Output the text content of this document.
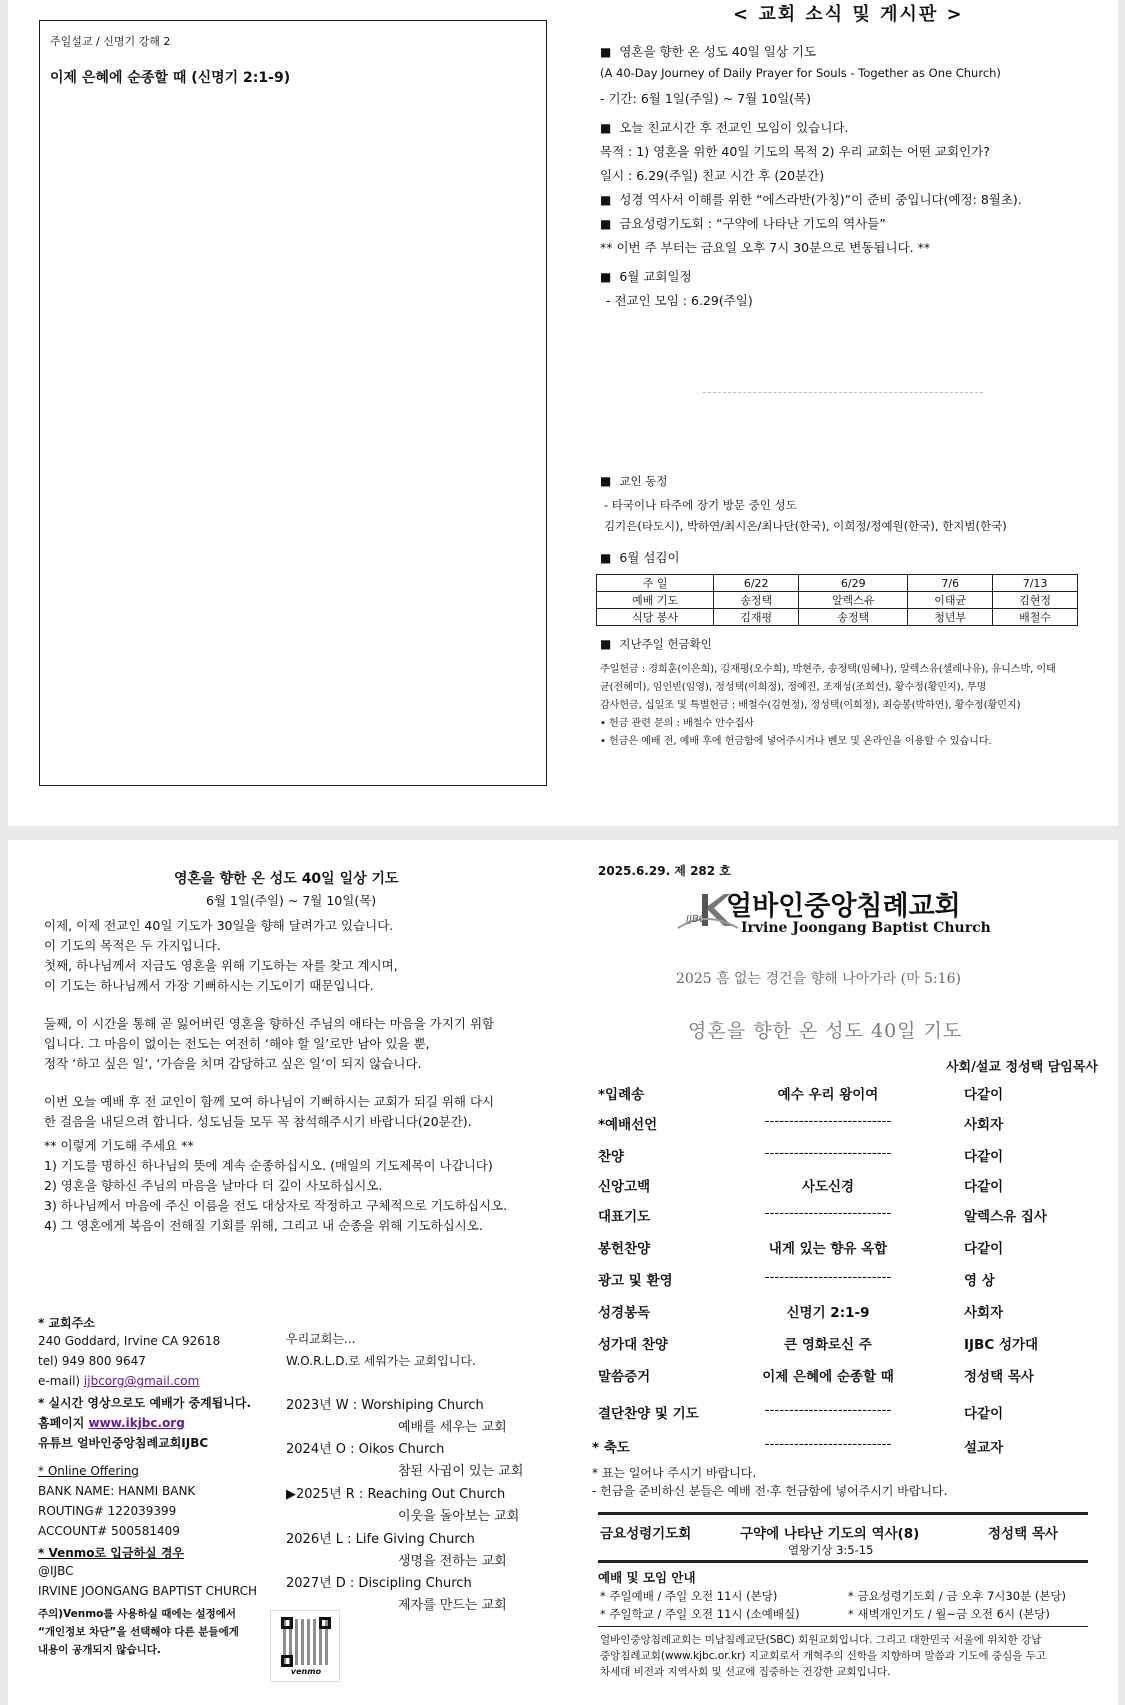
주일설교 / 신명기 강해 2
이제 은혜에 순종할 때 (신명기 2:1-9)
< 교회 소식 및 게시판 >
■ 영혼을 향한 온 성도 40일 일상 기도
(A 40-Day Journey of Daily Prayer for Souls - Together as One Church)
- 기간: 6월 1일(주일) ~ 7월 10일(목)
■ 오늘 친교시간 후 전교인 모임이 있습니다.
목적 : 1) 영혼을 위한 40일 기도의 목적 2) 우리 교회는 어떤 교회인가?
일시 : 6.29(주일) 친교 시간 후 (20분간)
■ 성경 역사서 이해를 위한 “에스라반(가칭)”이 준비 중입니다(예정: 8월초).
■ 금요성령기도회 : “구약에 나타난 기도의 역사들”
** 이번 주 부터는 금요일 오후 7시 30분으로 변동됩니다. **
■ 6월 교회일정
- 전교인 모임 : 6.29(주일)
■ 교인 동정
- 타국이나 타주에 장기 방문 중인 성도
김기은(타도시), 박하연/최시온/최나단(한국), 이희정/정예원(한국), 한지범(한국)
■ 6월 섬김이
주 일	6/22	6/29	7/6	7/13
예배 기도	송정택	알렉스유	이태균	김현정
식당 봉사	김재평	송정택	청년부	배철수
■ 지난주일 헌금확인
주일헌금 : 경희훈(이은희), 김재평(오수희), 박현주, 송정택(임혜나), 알렉스유(셀레나유), 유니스박, 이태
균(전혜미), 임인빈(임영), 정성택(이희정), 정예진, 조재성(조희선), 황수정(황민지), 무명
감사헌금, 십일조 및 특별헌금 : 배철수(김현정), 정성택(이희정), 최승봉(박하연), 황수정(황민지)
• 헌금 관련 문의 : 배철수 안수집사
• 헌금은 예배 전, 예배 후에 헌금함에 넣어주시거나 벤모 및 온라인을 이용할 수 있습니다.
영혼을 향한 온 성도 40일 일상 기도
6월 1일(주일) ~ 7월 10일(목)
이제, 이제 전교인 40일 기도가 30일을 향해 달려가고 있습니다.
이 기도의 목적은 두 가지입니다.
첫째, 하나님께서 지금도 영혼을 위해 기도하는 자를 찾고 계시며,
이 기도는 하나님께서 가장 기뻐하시는 기도이기 때문입니다.
둘째, 이 시간을 통해 곧 잃어버린 영혼을 향하신 주님의 애타는 마음을 가지기 위함
입니다. 그 마음이 없이는 전도는 여전히 ‘해야 할 일’로만 남아 있을 뿐,
정작 ‘하고 싶은 일’, ‘가슴을 치며 감당하고 싶은 일’이 되지 않습니다.
이번 오늘 예배 후 전 교인이 함께 모여 하나님이 기뻐하시는 교회가 되길 위해 다시
한 걸음을 내딛으려 합니다. 성도님들 모두 꼭 참석해주시기 바랍니다(20분간).
** 이렇게 기도해 주세요 **
1) 기도를 명하신 하나님의 뜻에 계속 순종하십시오. (매일의 기도제목이 나갑니다)
2) 영혼을 향하신 주님의 마음을 날마다 더 깊이 사모하십시오.
3) 하나님께서 마음에 주신 이름을 전도 대상자로 작정하고 구체적으로 기도하십시오.
4) 그 영혼에게 복음이 전해질 기회를 위해, 그리고 내 순종을 위해 기도하십시오.
* 교회주소
240 Goddard, Irvine CA 92618
tel) 949 800 9647
e-mail) ijbcorg@gmail.com
* 실시간 영상으로도 예배가 중계됩니다.
홈페이지 www.ikjbc.org
유튜브 얼바인중앙침례교회IJBC
* Online Offering
BANK NAME: HANMI BANK
ROUTING# 122039399
ACCOUNT# 500581409
* Venmo로 입금하실 경우
@IJBC
IRVINE JOONGANG BAPTIST CHURCH
주의)Venmo를 사용하실 때에는 설정에서
“개인정보 차단”을 선택해야 다른 분들에게
내용이 공개되지 않습니다.
venmo
우리교회는...
W.O.R.L.D.로 세워가는 교회입니다.
2023년 W : Worshiping Church
예배를 세우는 교회
2024년 O : Oikos Church
참된 사귐이 있는 교회
▶2025년 R : Reaching Out Church
이웃을 돌아보는 교회
2026년 L : Life Giving Church
생명을 전하는 교회
2027년 D : Discipling Church
제자를 만드는 교회
2025.6.29. 제 282 호
IJBC 얼바인중앙침례교회
Irvine Joongang Baptist Church
2025 흠 없는 경건을 향해 나아가라 (마 5:16)
영혼을 향한 온 성도 40일 기도
사회/설교 정성택 담임목사
*입례송	예수 우리 왕이여	다같이
*예배선언	--------------------------	사회자
찬양	--------------------------	다같이
신앙고백	사도신경	다같이
대표기도	--------------------------	알렉스유 집사
봉헌찬양	내게 있는 향유 옥합	다같이
광고 및 환영	--------------------------	영 상
성경봉독	신명기 2:1-9	사회자
성가대 찬양	큰 영화로신 주	IJBC 성가대
말씀증거	이제 은혜에 순종할 때	정성택 목사
결단찬양 및 기도	--------------------------	다같이
* 축도	--------------------------	설교자
* 표는 일어나 주시기 바랍니다.
- 헌금을 준비하신 분들은 예배 전·후 헌금함에 넣어주시기 바랍니다.
금요성령기도회	구약에 나타난 기도의 역사(8)
열왕기상 3:5-15
정성택 목사
예배 및 모임 안내
* 주일예배 / 주일 오전 11시 (본당)	* 금요성령기도회 / 금 오후 7시30분 (본당)
* 주일학교 / 주일 오전 11시 (소예배실)	* 새벽개인기도 / 월~금 오전 6시 (본당)
얼바인중앙침례교회는 미남침례교단(SBC) 회원교회입니다. 그리고 대한민국 서울에 위치한 강남
중앙침례교회(www.kjbc.or.kr) 지교회로서 개혁주의 신학을 지향하며 말씀과 기도에 중심을 두고
차세대 비전과 지역사회 및 선교에 집중하는 건강한 교회입니다.
